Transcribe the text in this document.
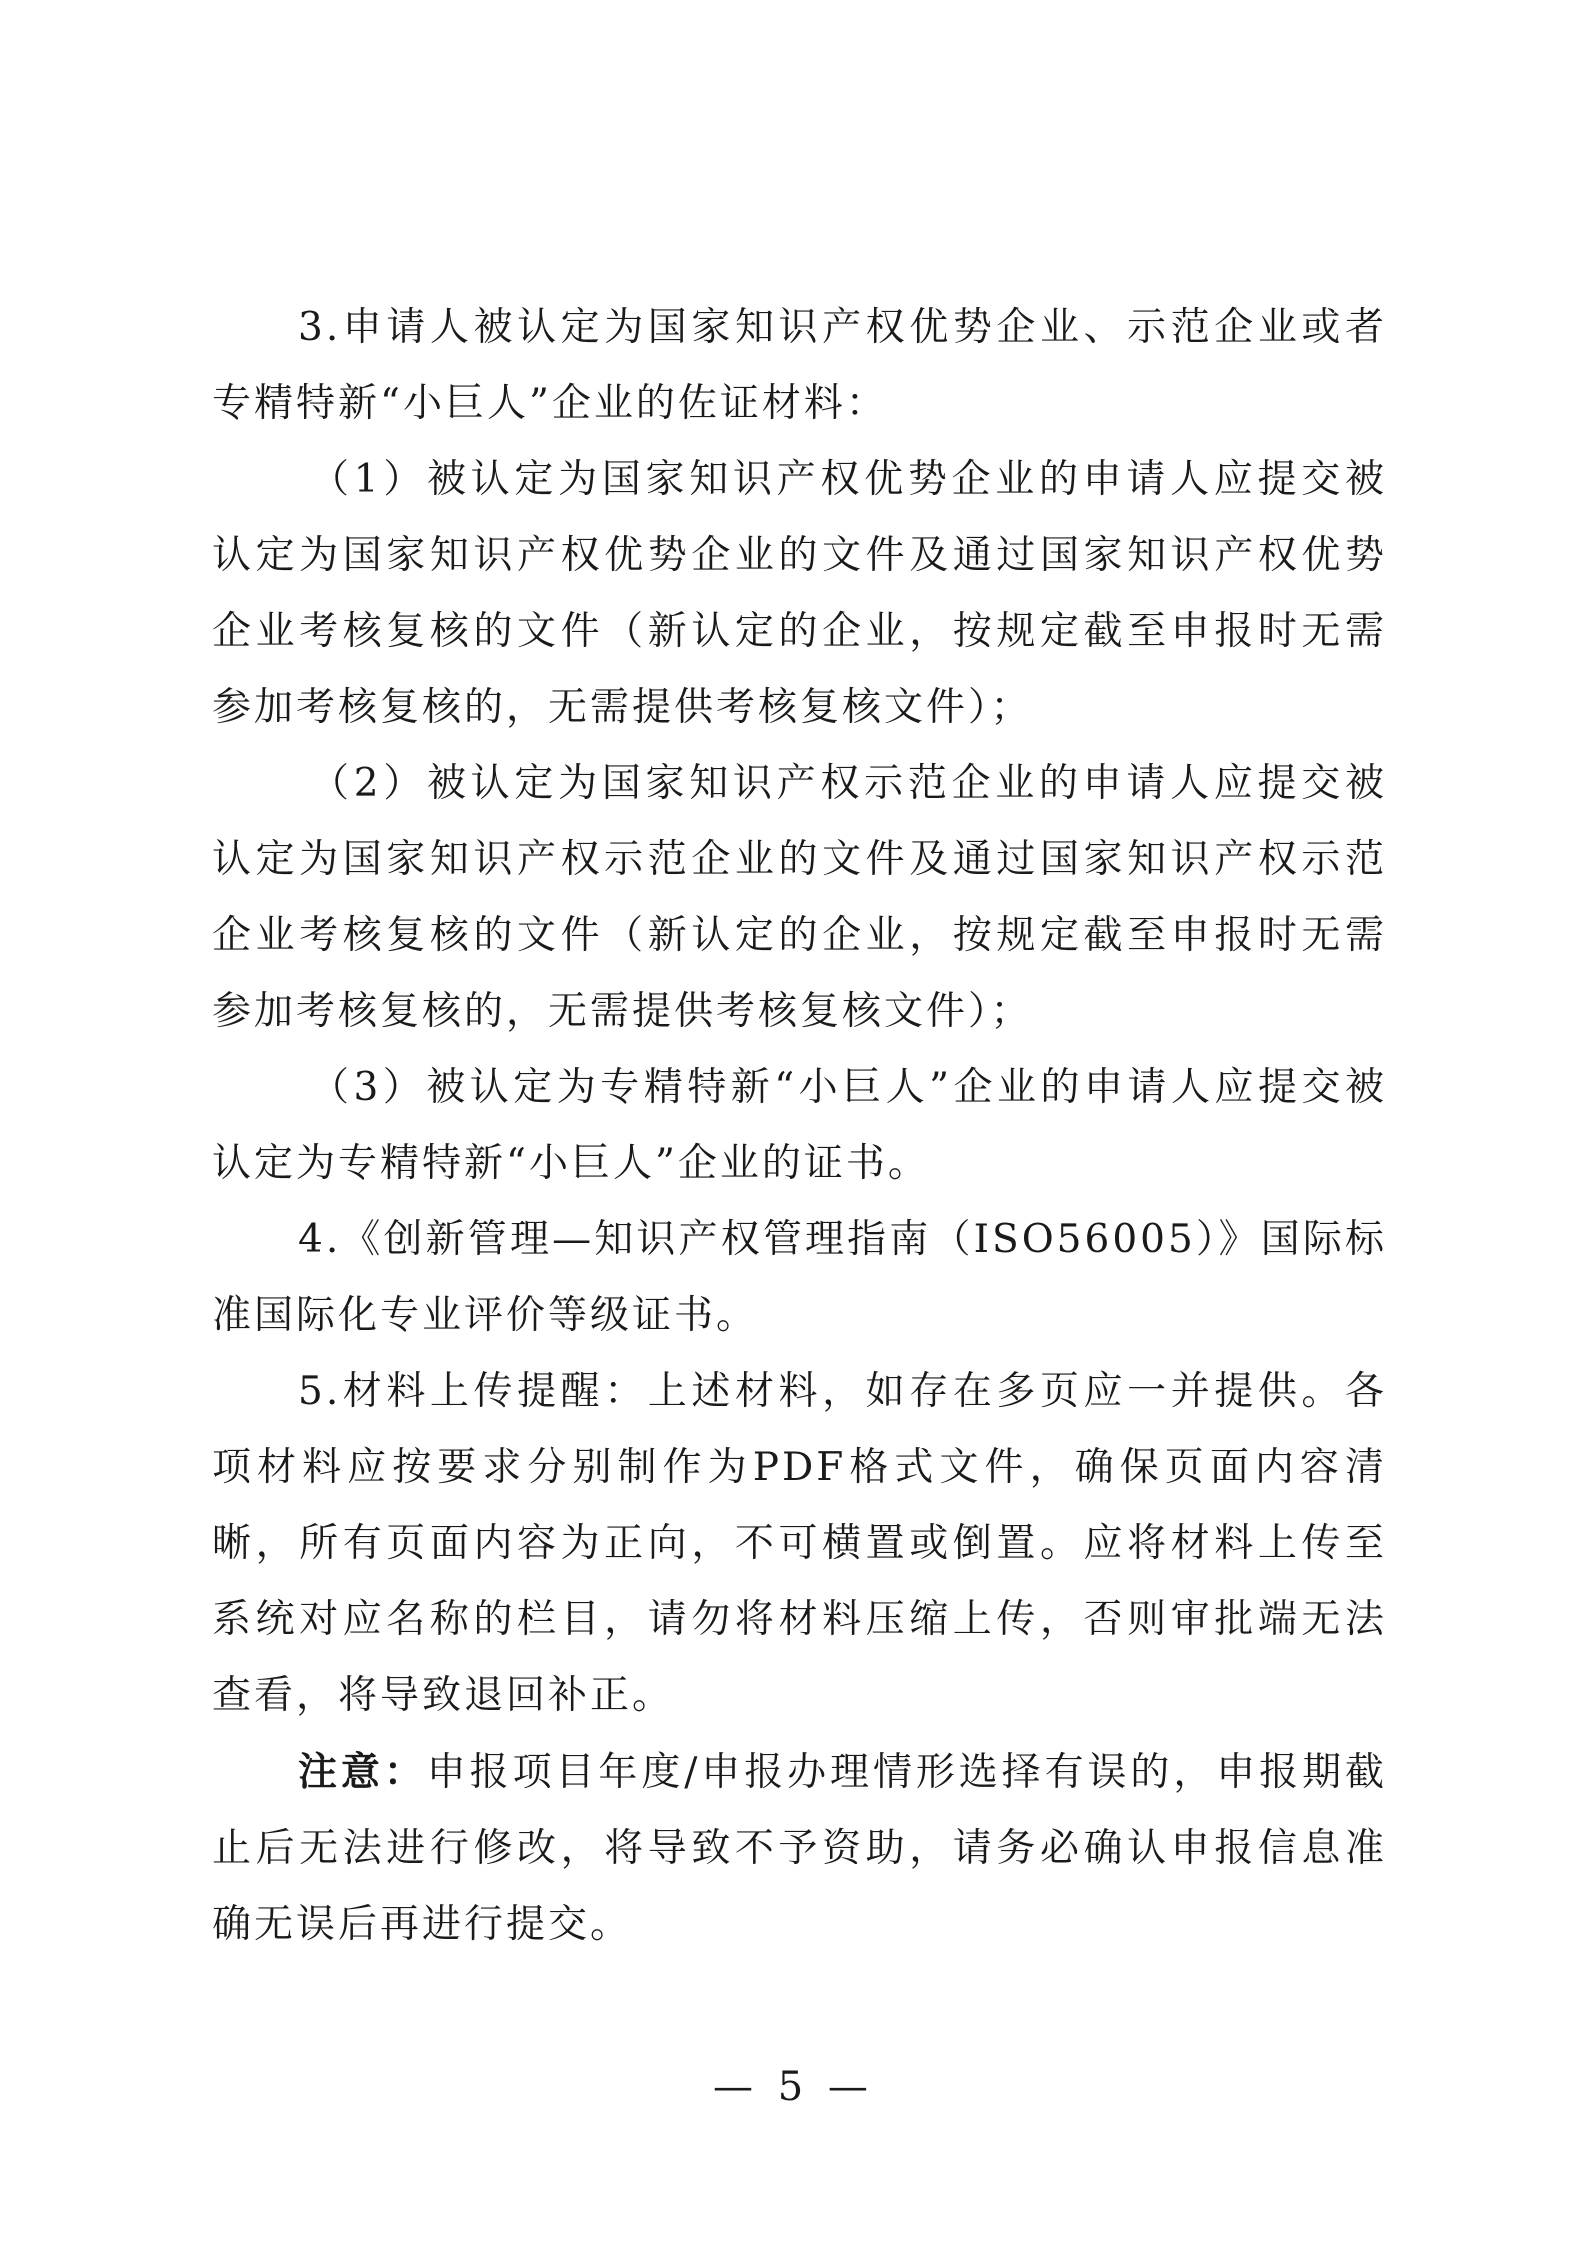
3.申请人被认定为国家知识产权优势企业、示范企业或者专精特新“小巨人”企业的佐证材料：

（1）被认定为国家知识产权优势企业的申请人应提交被认定为国家知识产权优势企业的文件及通过国家知识产权优势企业考核复核的文件（新认定的企业，按规定截至申报时无需参加考核复核的，无需提供考核复核文件）；

（2）被认定为国家知识产权示范企业的申请人应提交被认定为国家知识产权示范企业的文件及通过国家知识产权示范企业考核复核的文件（新认定的企业，按规定截至申报时无需参加考核复核的，无需提供考核复核文件）；

（3）被认定为专精特新“小巨人”企业的申请人应提交被认定为专精特新“小巨人”企业的证书。

4.《创新管理—知识产权管理指南（ISO56005）》国际标准国际化专业评价等级证书。

5.材料上传提醒：上述材料，如存在多页应一并提供。各项材料应按要求分别制作为PDF格式文件，确保页面内容清晰，所有页面内容为正向，不可横置或倒置。应将材料上传至系统对应名称的栏目，请勿将材料压缩上传，否则审批端无法查看，将导致退回补正。

注意：申报项目年度/申报办理情形选择有误的，申报期截止后无法进行修改，将导致不予资助，请务必确认申报信息准确无误后再进行提交。

— 5 —
